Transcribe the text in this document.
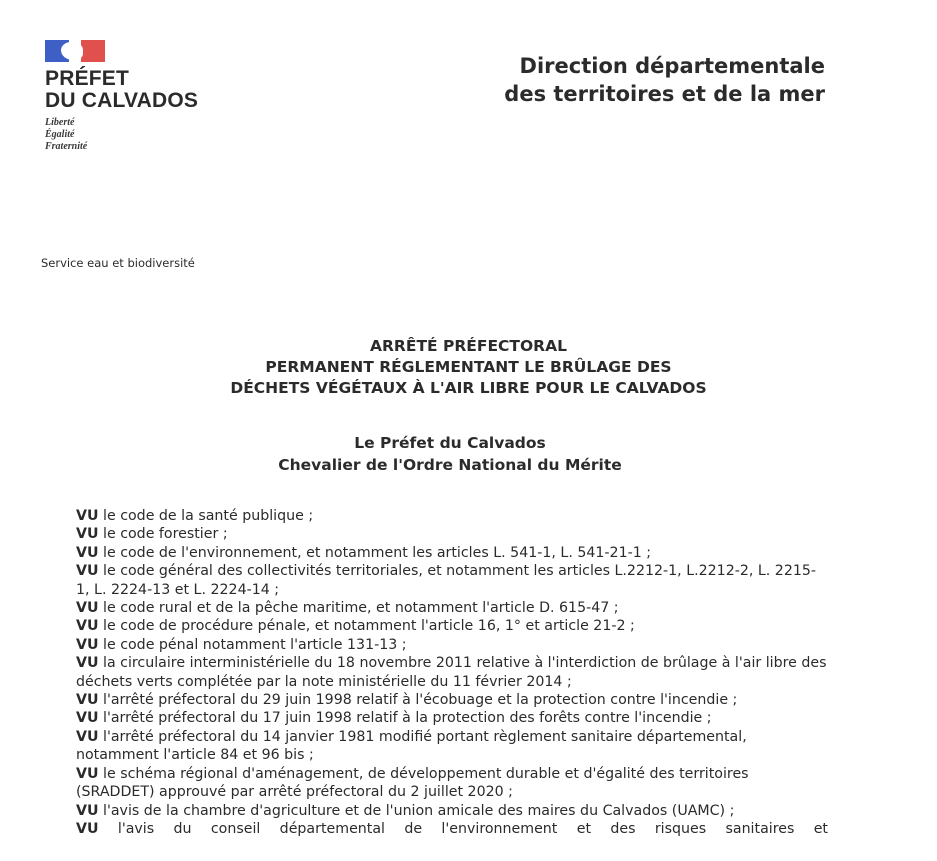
PRÉFET
DU CALVADOS
Liberté
Égalité
Fraternité
Direction départementale
des territoires et de la mer
Service eau et biodiversité
ARRÊTÉ PRÉFECTORAL
PERMANENT RÉGLEMENTANT LE BRÛLAGE DES
DÉCHETS VÉGÉTAUX À L'AIR LIBRE POUR LE CALVADOS
Le Préfet du Calvados
Chevalier de l'Ordre National du Mérite

VU le code de la santé publique ;

VU le code forestier ;

VU le code de l'environnement, et notamment les articles L. 541-1, L. 541-21-1 ;

VU le code général des collectivités territoriales, et notamment les articles L.2212-1, L.2212-2, L. 2215-1, L. 2224-13 et L. 2224-14 ;

VU le code rural et de la pêche maritime, et notamment l'article D. 615-47 ;

VU le code de procédure pénale, et notamment l'article 16, 1° et article 21-2 ;

VU le code pénal notamment l'article 131-13 ;

VU la circulaire interministérielle du 18 novembre 2011 relative à l'interdiction de brûlage à l'air libre des déchets verts complétée par la note ministérielle du 11 février 2014 ;

VU l'arrêté préfectoral du 29 juin 1998 relatif à l'écobuage et la protection contre l'incendie ;

VU l'arrêté préfectoral du 17 juin 1998 relatif à la protection des forêts contre l'incendie ;

VU l'arrêté préfectoral du 14 janvier 1981 modifié portant règlement sanitaire départemental, notamment l'article 84 et 96 bis ;

VU le schéma régional d'aménagement, de développement durable et d'égalité des territoires (SRADDET) approuvé par arrêté préfectoral du 2 juillet 2020 ;

VU l'avis de la chambre d'agriculture et de l'union amicale des maires du Calvados (UAMC) ;

VU l'avis du conseil départemental de l'environnement et des risques sanitaires et
